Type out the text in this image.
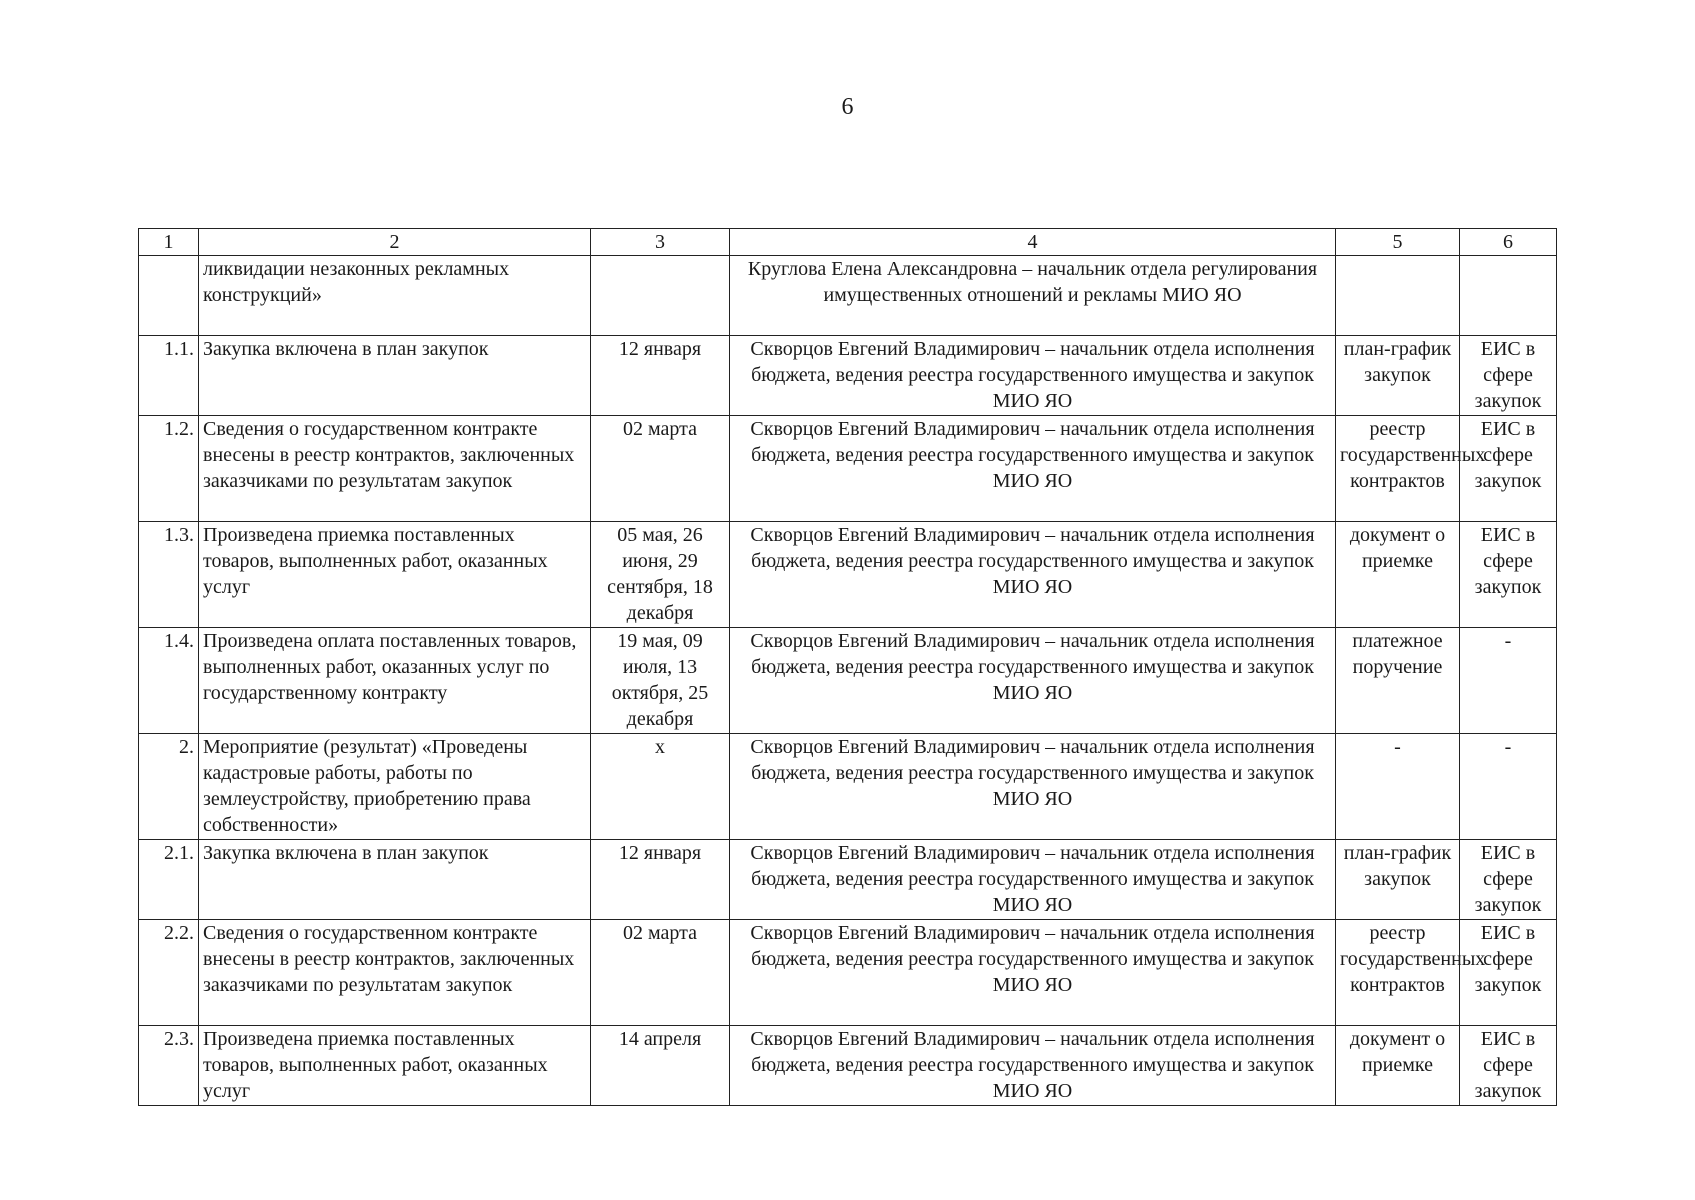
6
1	2	3	4	5	6
	ликвидации незаконных рекламных конструкций»		Круглова Елена Александровна – начальник отдела регулирования имущественных отношений и рекламы МИО ЯО		
1.1.	Закупка включена в план закупок	12 января	Скворцов Евгений Владимирович – начальник отдела исполнения бюджета, ведения реестра государственного имущества и закупок МИО ЯО	план-график закупок	ЕИС в сфере закупок
1.2.	Сведения о государственном контракте внесены в реестр контрактов, заключенных заказчиками по результатам закупок	02 марта	Скворцов Евгений Владимирович – начальник отдела исполнения бюджета, ведения реестра государственного имущества и закупок МИО ЯО	реестр государственных контрактов	ЕИС в сфере закупок
1.3.	Произведена приемка поставленных товаров, выполненных работ, оказанных услуг	05 мая, 26 июня, 29 сентября, 18 декабря	Скворцов Евгений Владимирович – начальник отдела исполнения бюджета, ведения реестра государственного имущества и закупок МИО ЯО	документ о приемке	ЕИС в сфере закупок
1.4.	Произведена оплата поставленных товаров, выполненных работ, оказанных услуг по государственному контракту	19 мая, 09 июля, 13 октября, 25 декабря	Скворцов Евгений Владимирович – начальник отдела исполнения бюджета, ведения реестра государственного имущества и закупок МИО ЯО	платежное поручение	-
2.	Мероприятие (результат) «Проведены кадастровые работы, работы по землеустройству, приобретению права собственности»	х	Скворцов Евгений Владимирович – начальник отдела исполнения бюджета, ведения реестра государственного имущества и закупок МИО ЯО	-	-
2.1.	Закупка включена в план закупок	12 января	Скворцов Евгений Владимирович – начальник отдела исполнения бюджета, ведения реестра государственного имущества и закупок МИО ЯО	план-график закупок	ЕИС в сфере закупок
2.2.	Сведения о государственном контракте внесены в реестр контрактов, заключенных заказчиками по результатам закупок	02 марта	Скворцов Евгений Владимирович – начальник отдела исполнения бюджета, ведения реестра государственного имущества и закупок МИО ЯО	реестр государственных контрактов	ЕИС в сфере закупок
2.3.	Произведена приемка поставленных товаров, выполненных работ, оказанных услуг	14 апреля	Скворцов Евгений Владимирович – начальник отдела исполнения бюджета, ведения реестра государственного имущества и закупок МИО ЯО	документ о приемке	ЕИС в сфере закупок
